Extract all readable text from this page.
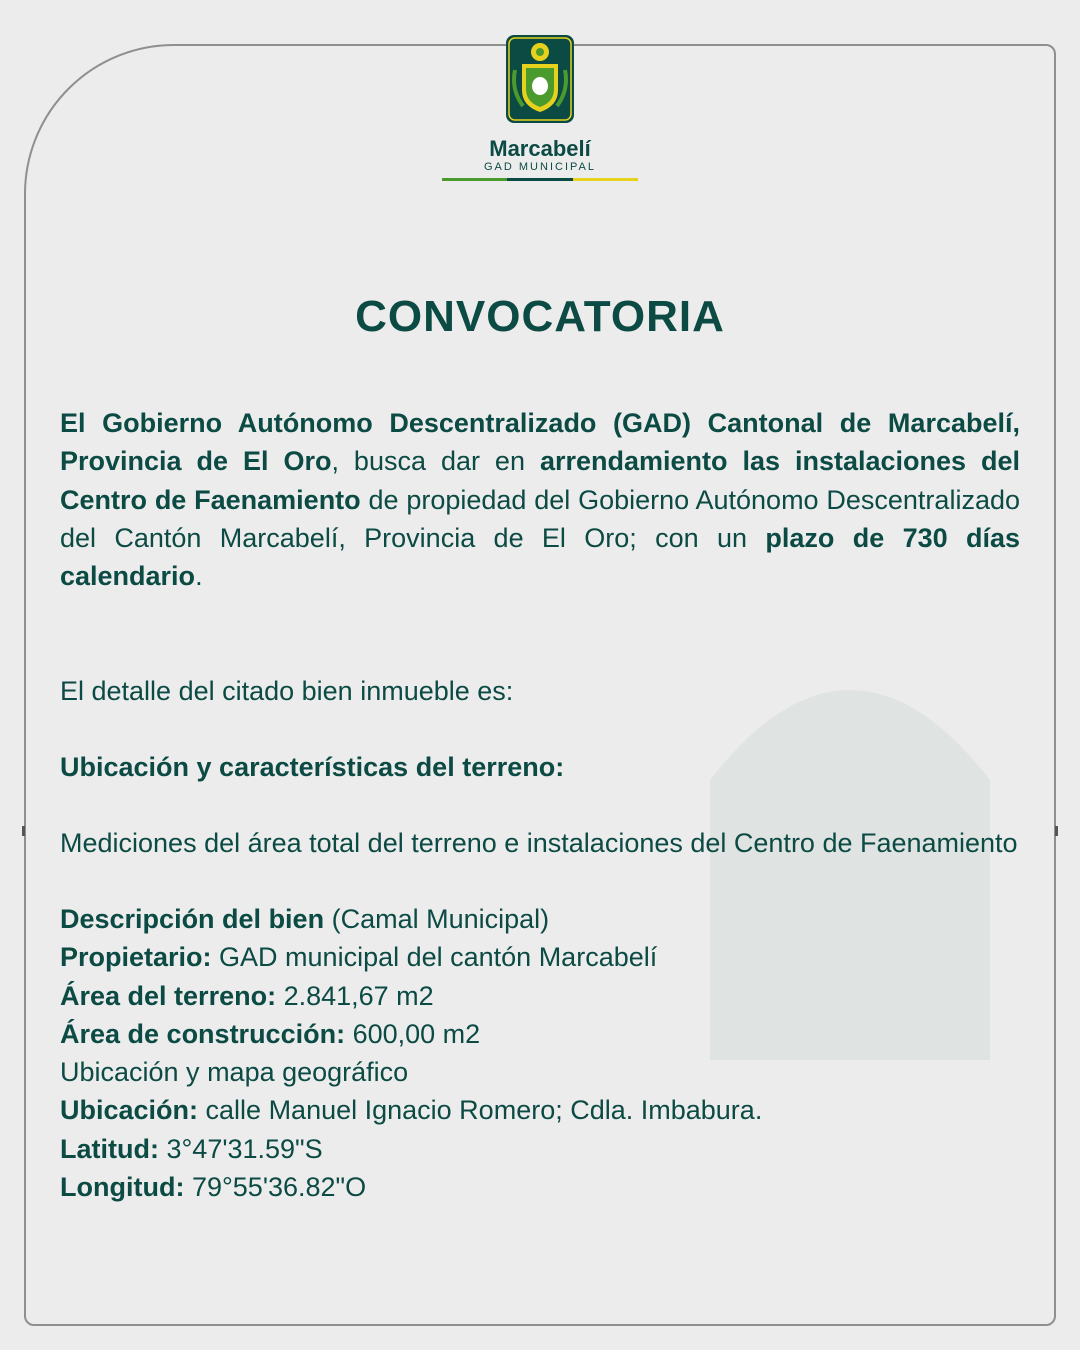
Marcabelí
GAD MUNICIPAL
CONVOCATORIA

El Gobierno Autónomo Descentralizado (GAD) Cantonal de Marcabelí, Provincia de El Oro, busca dar en arrendamiento las instalaciones del Centro de Faenamiento de propiedad del Gobierno Autónomo Descentralizado del Cantón Marcabelí, Provincia de El Oro; con un plazo de 730 días calendario.

El detalle del citado bien inmueble es:

Ubicación y características del terreno:

Mediciones del área total del terreno e instalaciones del Centro de Faenamiento

Descripción del bien (Camal Municipal)

Propietario: GAD municipal del cantón Marcabelí

Área del terreno: 2.841,67 m2

Área de construcción: 600,00 m2

Ubicación y mapa geográfico

Ubicación: calle Manuel Ignacio Romero; Cdla. Imbabura.

Latitud: 3°47'31.59"S

Longitud: 79°55'36.82"O
